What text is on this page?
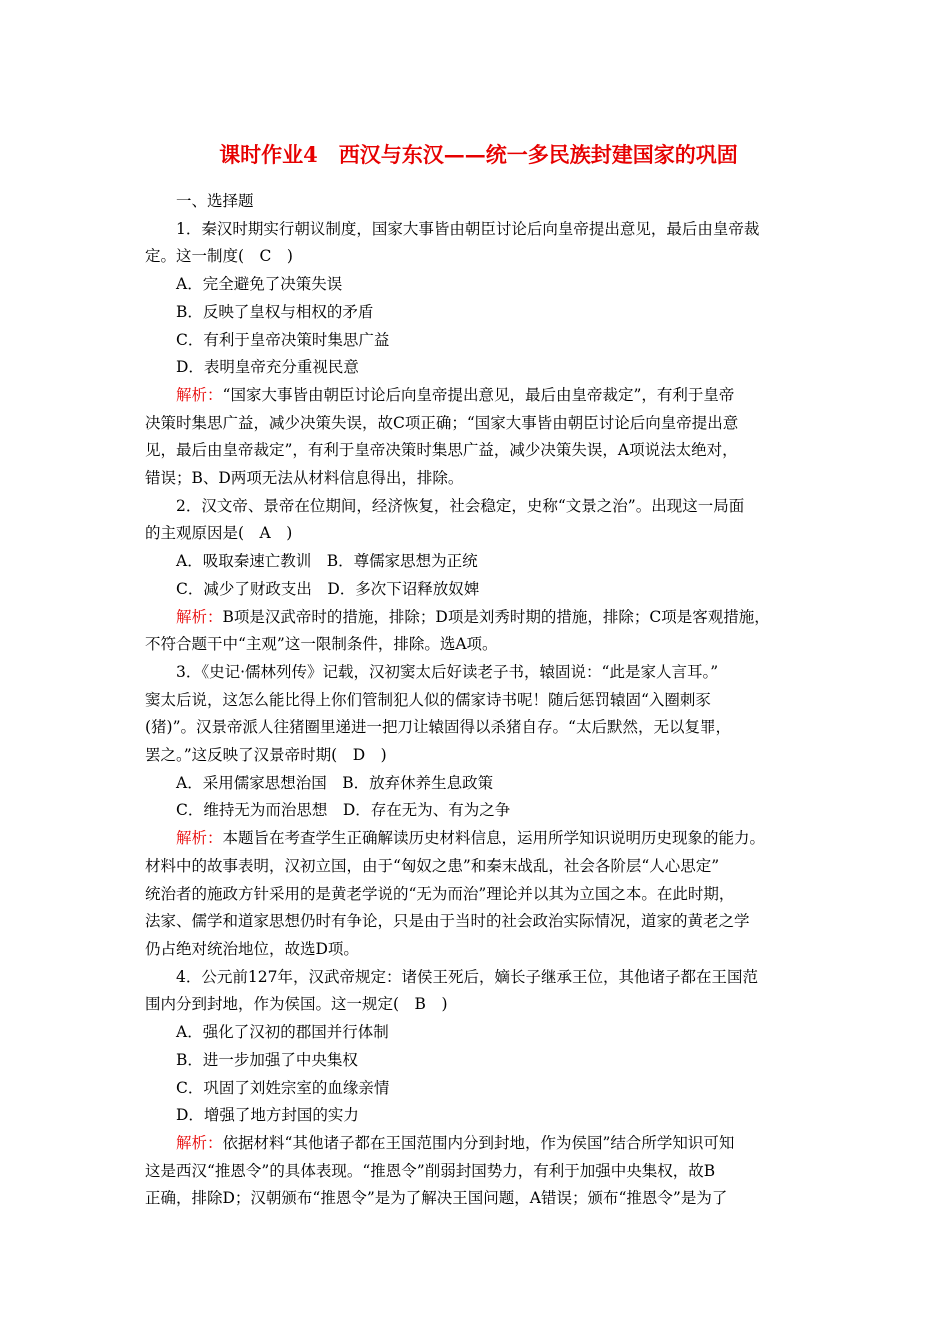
课时作业4　西汉与东汉——统一多民族封建国家的巩固
一、选择题
1．秦汉时期实行朝议制度，国家大事皆由朝臣讨论后向皇帝提出意见，最后由皇帝裁
定。这一制度(　C　)
A．完全避免了决策失误
B．反映了皇权与相权的矛盾
C．有利于皇帝决策时集思广益
D．表明皇帝充分重视民意
解析：“国家大事皆由朝臣讨论后向皇帝提出意见，最后由皇帝裁定”，有利于皇帝
决策时集思广益，减少决策失误，故C项正确；“国家大事皆由朝臣讨论后向皇帝提出意
见，最后由皇帝裁定”，有利于皇帝决策时集思广益，减少决策失误，A项说法太绝对，
错误；B、D两项无法从材料信息得出，排除。
2．汉文帝、景帝在位期间，经济恢复，社会稳定，史称“文景之治”。出现这一局面
的主观原因是(　A　)
A．吸取秦速亡教训　B．尊儒家思想为正统
C．减少了财政支出　D．多次下诏释放奴婢
解析：B项是汉武帝时的措施，排除；D项是刘秀时期的措施，排除；C项是客观措施，
不符合题干中“主观”这一限制条件，排除。选A项。
3．《史记·儒林列传》记载，汉初窦太后好读老子书，辕固说：“此是家人言耳。”
窦太后说，这怎么能比得上你们管制犯人似的儒家诗书呢！随后惩罚辕固“入圈刺豕
(猪)”。汉景帝派人往猪圈里递进一把刀让辕固得以杀猪自存。“太后默然，无以复罪，
罢之。”这反映了汉景帝时期(　D　)
A．采用儒家思想治国　B．放弃休养生息政策
C．维持无为而治思想　D．存在无为、有为之争
解析：本题旨在考查学生正确解读历史材料信息，运用所学知识说明历史现象的能力。
材料中的故事表明，汉初立国，由于“匈奴之患”和秦末战乱，社会各阶层“人心思定”
统治者的施政方针采用的是黄老学说的“无为而治”理论并以其为立国之本。在此时期，
法家、儒学和道家思想仍时有争论，只是由于当时的社会政治实际情况，道家的黄老之学
仍占绝对统治地位，故选D项。
4．公元前127年，汉武帝规定：诸侯王死后，嫡长子继承王位，其他诸子都在王国范
围内分到封地，作为侯国。这一规定(　B　)
A．强化了汉初的郡国并行体制
B．进一步加强了中央集权
C．巩固了刘姓宗室的血缘亲情
D．增强了地方封国的实力
解析：依据材料“其他诸子都在王国范围内分到封地，作为侯国”结合所学知识可知
这是西汉“推恩令”的具体表现。“推恩令”削弱封国势力，有利于加强中央集权，故B
正确，排除D；汉朝颁布“推恩令”是为了解决王国问题，A错误；颁布“推恩令”是为了
